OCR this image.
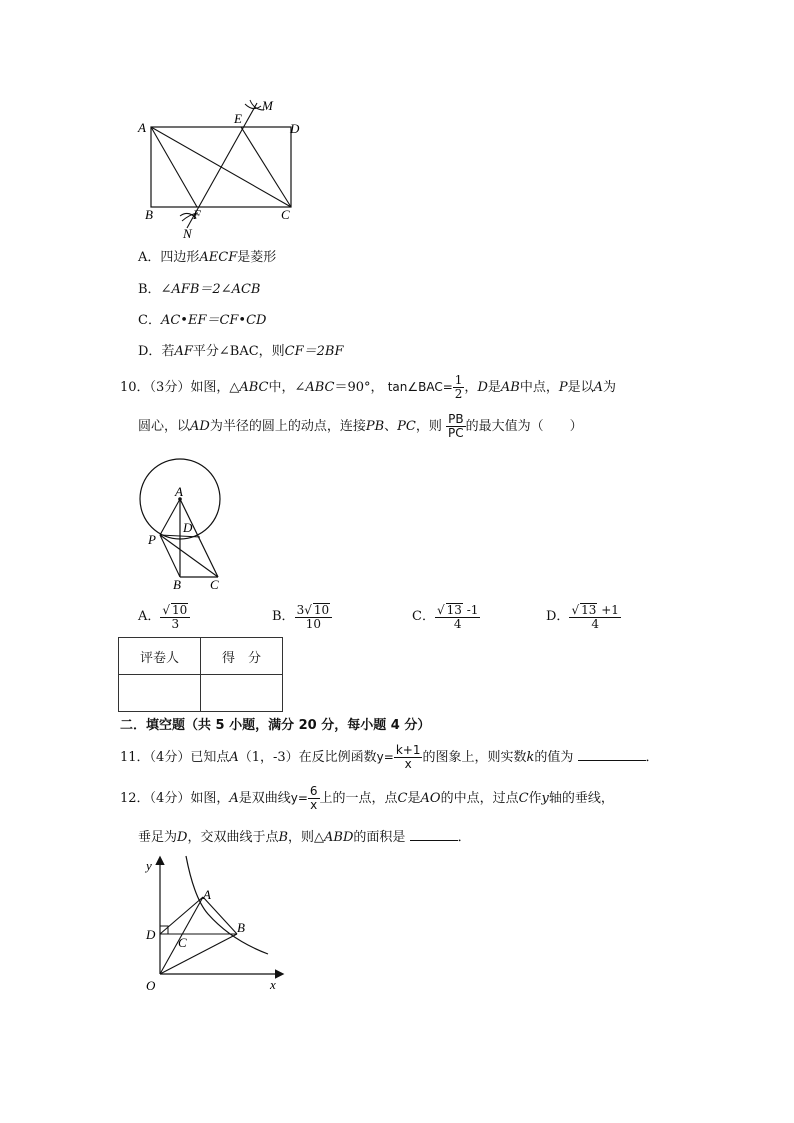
A
E
D
M
B	F	C
N
A．四边形AECF是菱形
B．∠AFB＝2∠ACB
C．AC•EF＝CF•CD
D．若AF平分∠BAC，则CF＝2BF
10．（3分）如图，△ABC中，∠ABC＝90°， tan∠BAC= $\frac{1}{2}$ ，D是AB中点，P是以A为
圆心，以AD为半径的圆上的动点，连接PB、PC，则 $\frac{PB}{PC}$ 的最大值为（　　）
A
D
P
B C
A． $\frac{√ 10}{3}$	B． $\frac{3√ 10}{10}$	C． $\frac{√ 13 -1}{4}$	D． $\frac{√ 13 +1}{4}$
评卷人	得　分

二．填空题（共 5 小题，满分 20 分，每小题 4 分）
11．（4分）已知点A（1，-3）在反比例函数$y= \frac{k+1}{x}$ 的图象上，则实数k的值为	．
12．（4分）如图，A是双曲线$y= \frac{6}{x}$ 上的一点，点C是AO的中点，过点C作y轴的垂线，
垂足为D，交双曲线于点B，则△ABD的面积是	．
y
x
O
A
B
C
D
